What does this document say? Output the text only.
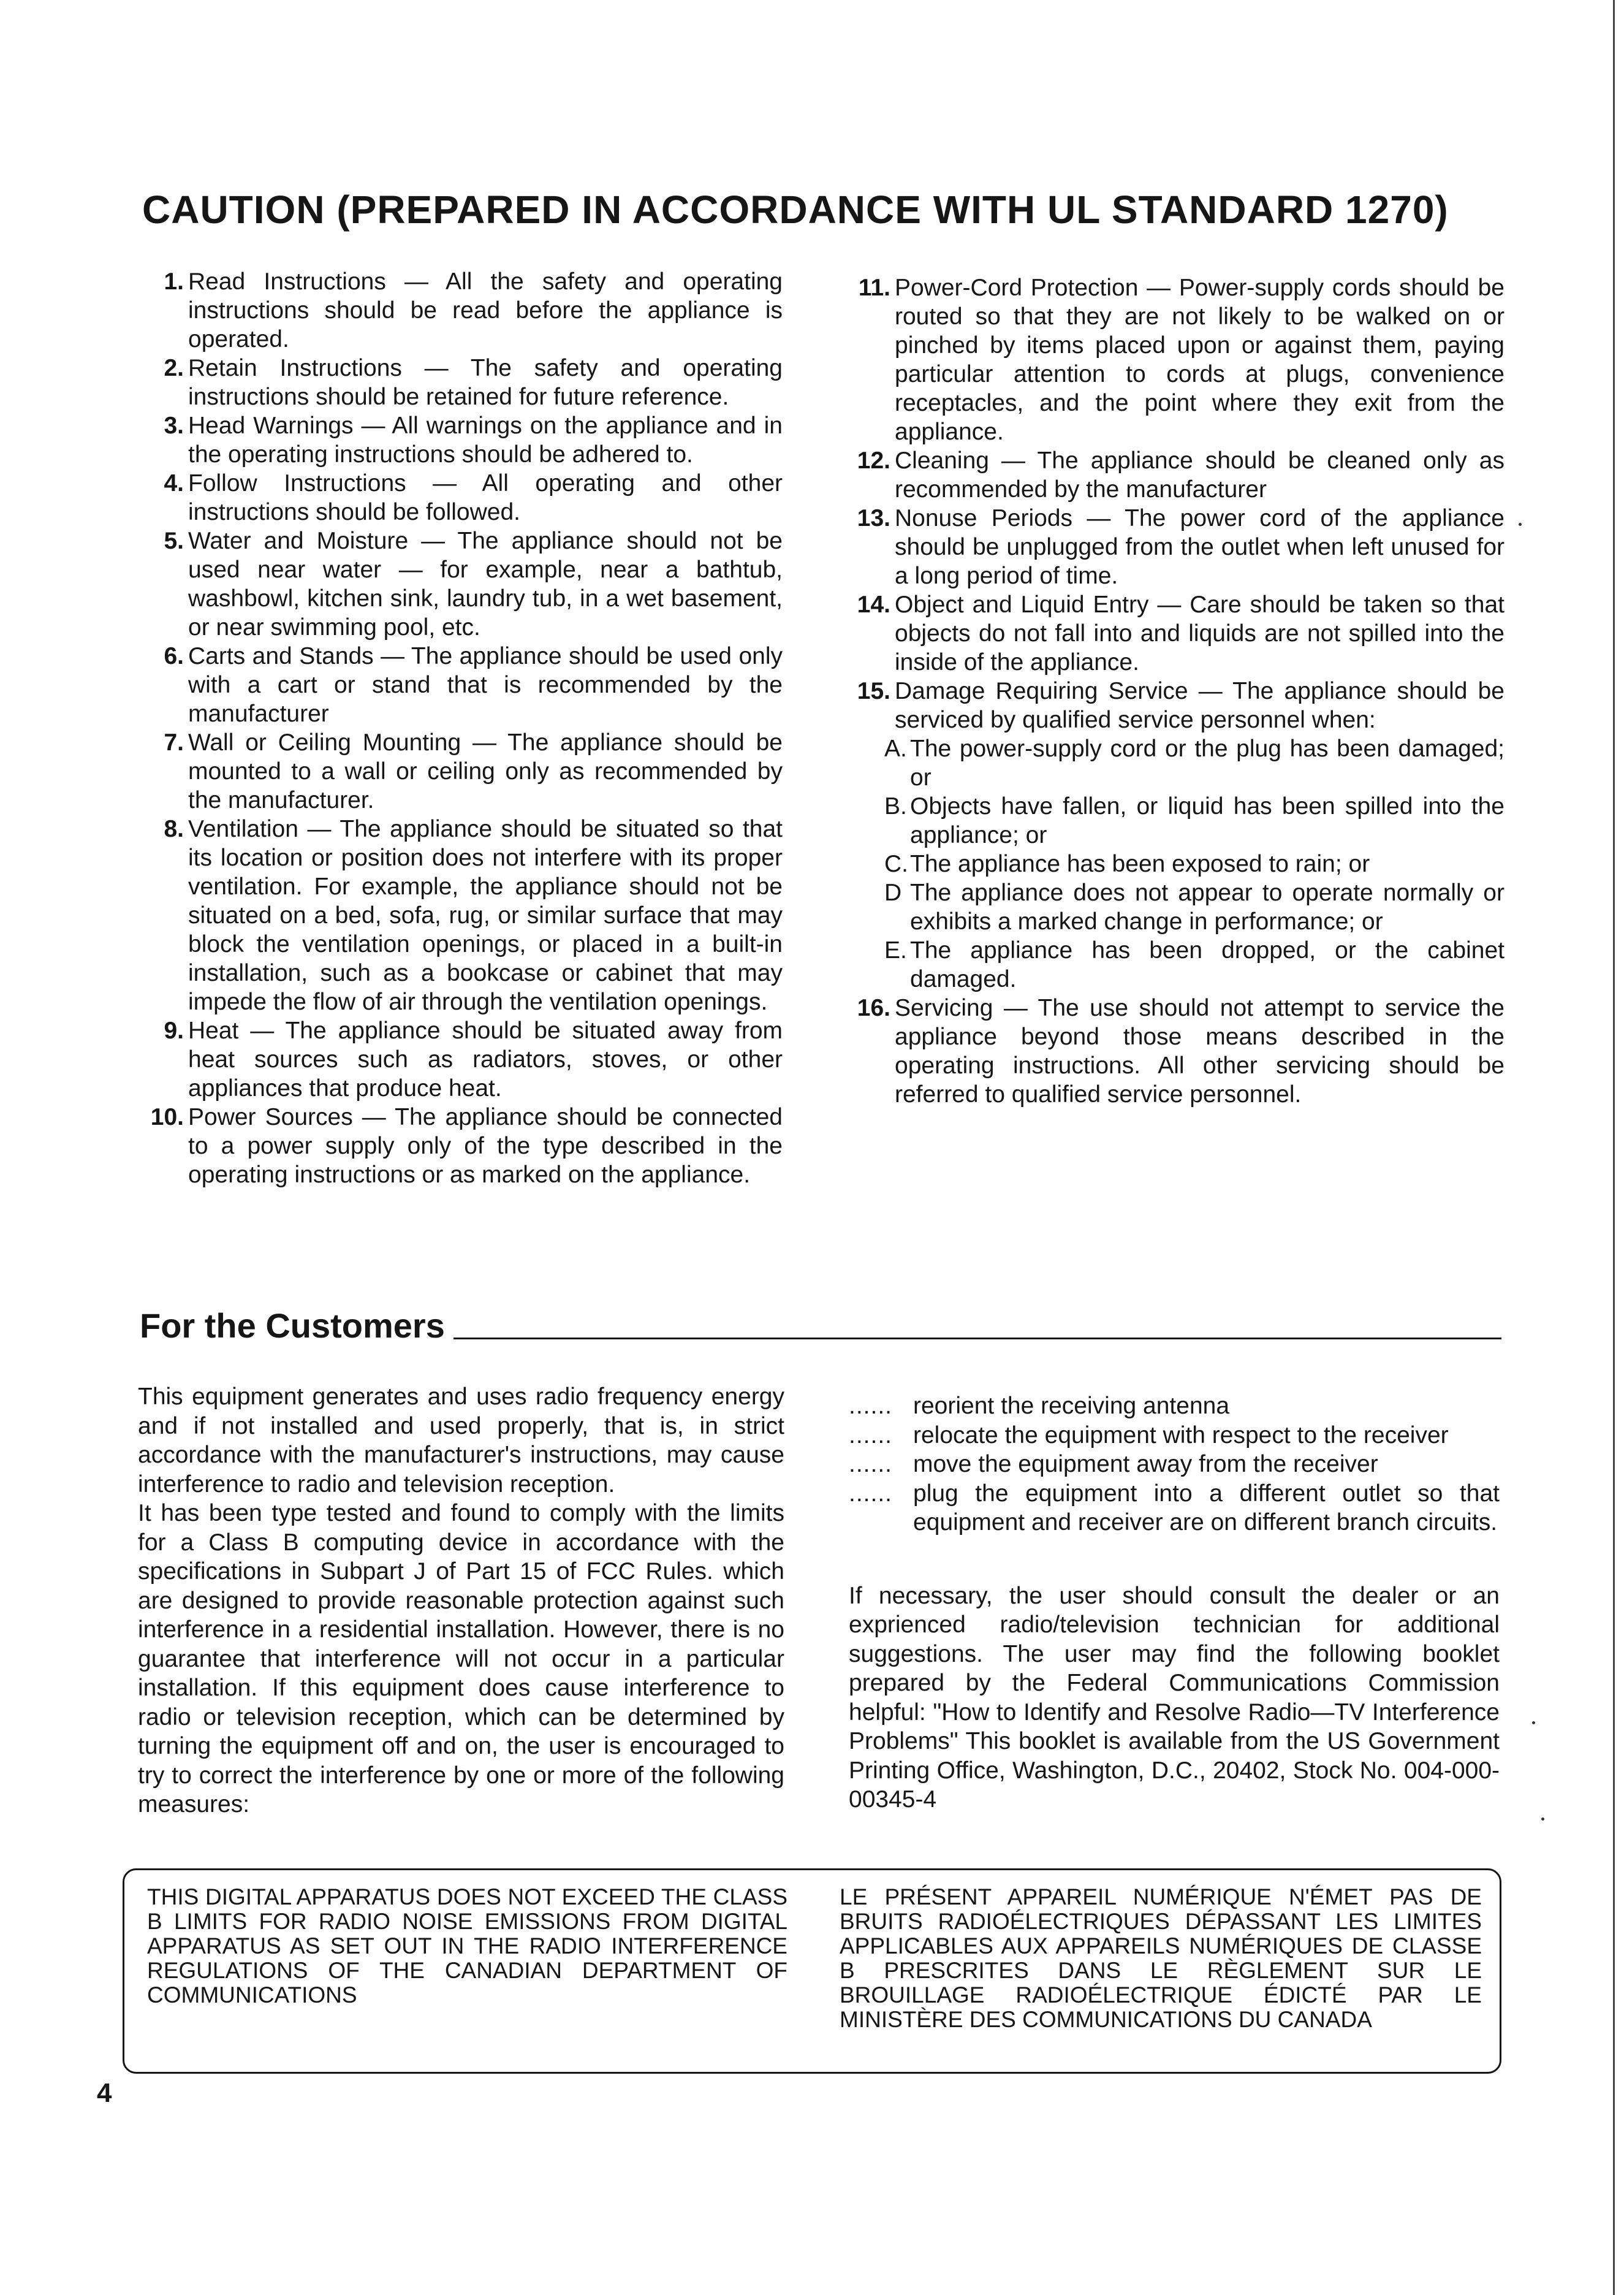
CAUTION (PREPARED IN ACCORDANCE WITH UL STANDARD 1270)
1. Read Instructions — All the safety and operating instructions should be read before the appliance is operated.
2. Retain Instructions — The safety and operating instructions should be retained for future reference.
3. Head Warnings — All warnings on the appliance and in the operating instructions should be adhered to.
4. Follow Instructions — All operating and other instructions should be followed.
5. Water and Moisture — The appliance should not be used near water — for example, near a bathtub, washbowl, kitchen sink, laundry tub, in a wet basement, or near swimming pool, etc.
6. Carts and Stands — The appliance should be used only with a cart or stand that is recommended by the manufacturer
7. Wall or Ceiling Mounting — The appliance should be mounted to a wall or ceiling only as recommended by the manufacturer.
8. Ventilation — The appliance should be situated so that its location or position does not interfere with its proper ventilation. For example, the appliance should not be situated on a bed, sofa, rug, or similar surface that may block the ventilation openings, or placed in a built-in installation, such as a bookcase or cabinet that may impede the flow of air through the ventilation openings.
9. Heat — The appliance should be situated away from heat sources such as radiators, stoves, or other appliances that produce heat.
10. Power Sources — The appliance should be connected to a power supply only of the type described in the operating instructions or as marked on the appliance.
11. Power-Cord Protection — Power-supply cords should be routed so that they are not likely to be walked on or pinched by items placed upon or against them, paying particular attention to cords at plugs, convenience receptacles, and the point where they exit from the appliance.
12. Cleaning — The appliance should be cleaned only as recommended by the manufacturer
13. Nonuse Periods — The power cord of the appliance should be unplugged from the outlet when left unused for a long period of time.
14. Object and Liquid Entry — Care should be taken so that objects do not fall into and liquids are not spilled into the inside of the appliance.
15. Damage Requiring Service — The appliance should be serviced by qualified service personnel when:
A. The power-supply cord or the plug has been damaged; or
B. Objects have fallen, or liquid has been spilled into the appliance; or
C. The appliance has been exposed to rain; or
D The appliance does not appear to operate normally or exhibits a marked change in performance; or
E. The appliance has been dropped, or the cabinet damaged.
16. Servicing — The use should not attempt to service the appliance beyond those means described in the operating instructions. All other servicing should be referred to qualified service personnel.
For the Customers

This equipment generates and uses radio frequency energy and if not installed and used properly, that is, in strict accordance with the manufacturer's instructions, may cause interference to radio and television reception.

It has been type tested and found to comply with the limits for a Class B computing device in accordance with the specifications in Subpart J of Part 15 of FCC Rules. which are designed to provide reasonable protection against such interference in a residential installation. However, there is no guarantee that interference will not occur in a particular installation. If this equipment does cause interference to radio or television reception, which can be determined by turning the equipment off and on, the user is encouraged to try to correct the interference by one or more of the following measures:

...... reorient the receiving antenna
...... relocate the equipment with respect to the receiver
...... move the equipment away from the receiver
...... plug the equipment into a different outlet so that equipment and receiver are on different branch circuits.

If necessary, the user should consult the dealer or an exprienced radio/television technician for additional suggestions. The user may find the following booklet prepared by the Federal Communications Commission helpful: "How to Identify and Resolve Radio—TV Interference Problems" This booklet is available from the US Government Printing Office, Washington, D.C., 20402, Stock No. 004-000-00345-4

THIS DIGITAL APPARATUS DOES NOT EXCEED THE CLASS B LIMITS FOR RADIO NOISE EMISSIONS FROM DIGITAL APPARATUS AS SET OUT IN THE RADIO INTERFERENCE REGULATIONS OF THE CANADIAN DEPARTMENT OF COMMUNICATIONS
LE PRÉSENT APPAREIL NUMÉRIQUE N'ÉMET PAS DE BRUITS RADIOÉLECTRIQUES DÉPASSANT LES LIMITES APPLICABLES AUX APPAREILS NUMÉRIQUES DE CLASSE B PRESCRITES DANS LE RÈGLEMENT SUR LE BROUILLAGE RADIOÉLECTRIQUE ÉDICTÉ PAR LE MINISTÈRE DES COMMUNICATIONS DU CANADA
4
